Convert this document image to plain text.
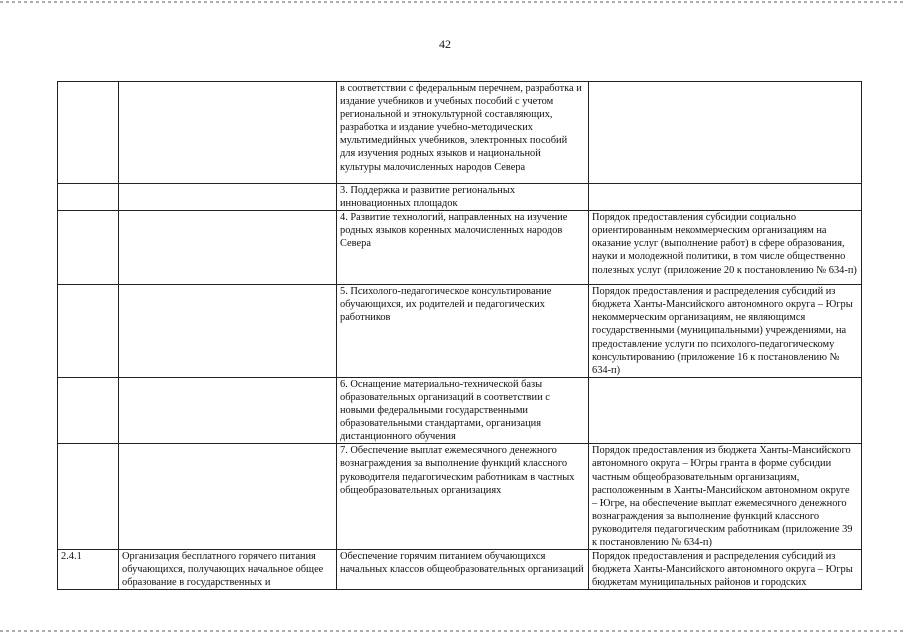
42
		в соответствии с федеральным перечнем, разработка и издание учебников и учебных пособий с учетом региональной и этнокультурной составляющих, разработка и издание учебно-методических мультимедийных учебников, электронных пособий для изучения родных языков и национальной культуры малочисленных народов Севера	
		3. Поддержка и развитие региональных инновационных площадок	
		4. Развитие технологий, направленных на изучение родных языков коренных малочисленных народов Севера	Порядок предоставления субсидии социально ориентированным некоммерческим организациям на оказание услуг (выполнение работ) в сфере образования, науки и молодежной политики, в том числе общественно полезных услуг (приложение 20 к постановлению № 634-п)
		5. Психолого-педагогическое консультирование обучающихся, их родителей и педагогических работников	Порядок предоставления и распределения субсидий из бюджета Ханты-Мансийского автономного округа – Югры некоммерческим организациям, не являющимся государственными (муниципальными) учреждениями, на предоставление услуги по психолого-педагогическому консультированию (приложение 16 к постановлению № 634-п)
		6. Оснащение материально-технической базы образовательных организаций в соответствии с новыми федеральными государственными образовательными стандартами, организация дистанционного обучения	
		7. Обеспечение выплат ежемесячного денежного вознаграждения за выполнение функций классного руководителя педагогическим работникам в частных общеобразовательных организациях	Порядок предоставления из бюджета Ханты-Мансийского автономного округа – Югры гранта в форме субсидии частным общеобразовательным организациям, расположенным в Ханты-Мансийском автономном округе – Югре, на обеспечение выплат ежемесячного денежного вознаграждения за выполнение функций классного руководителя педагогическим работникам (приложение 39 к постановлению № 634-п)
2.4.1	Организация бесплатного горячего питания обучающихся, получающих начальное общее образование в государственных и	Обеспечение горячим питанием обучающихся начальных классов общеобразовательных организаций	Порядок предоставления и распределения субсидий из бюджета Ханты-Мансийского автономного округа – Югры бюджетам муниципальных районов и городских
